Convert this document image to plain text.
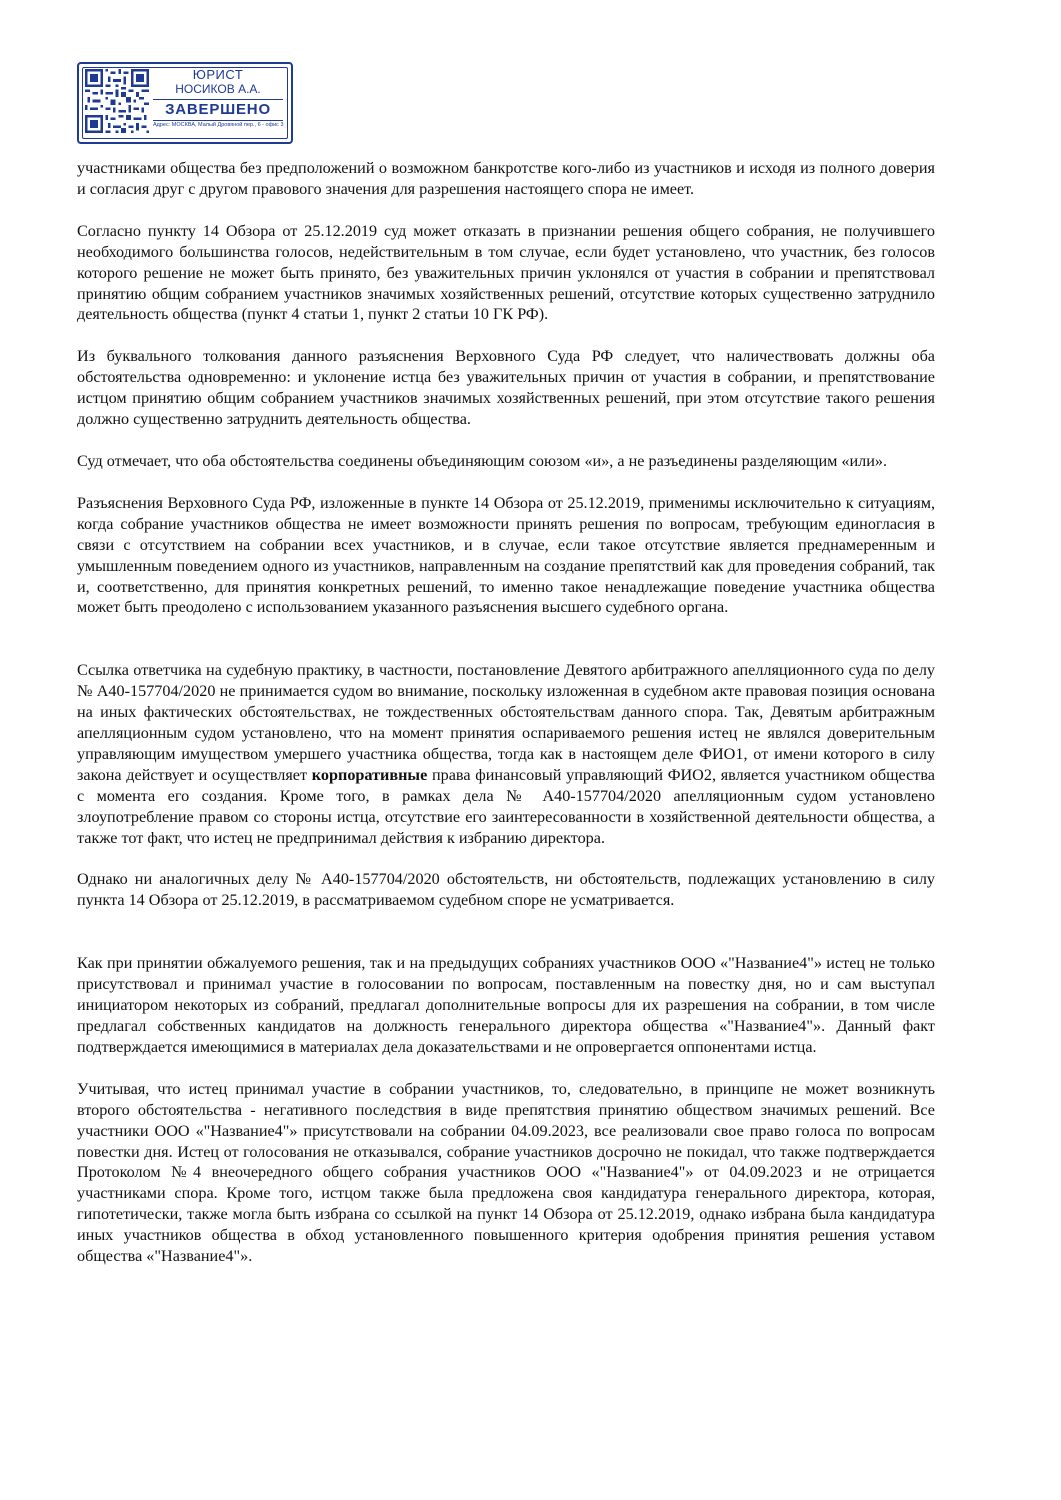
ЮРИСТ
НОСИКОВ А.А.
ЗАВЕРШЕНО
Адрес: МОСКВА, Малый Дровяной пер., 6 - офис 3

участниками общества без предположений о возможном банкротстве кого-либо из участников и исходя из полного доверия и согласия друг с другом правового значения для разрешения настоящего спора не имеет.

Согласно пункту 14 Обзора от 25.12.2019 суд может отказать в признании решения общего собрания, не получившего необходимого большинства голосов, недействительным в том случае, если будет установлено, что участник, без голосов которого решение не может быть принято, без уважительных причин уклонялся от участия в собрании и препятствовал принятию общим собранием участников значимых хозяйственных решений, отсутствие которых существенно затруднило деятельность общества (пункт 4 статьи 1, пункт 2 статьи 10 ГК РФ).

Из буквального толкования данного разъяснения Верховного Суда РФ следует, что наличествовать должны оба обстоятельства одновременно: и уклонение истца без уважительных причин от участия в собрании, и препятствование истцом принятию общим собранием участников значимых хозяйственных решений, при этом отсутствие такого решения должно существенно затруднить деятельность общества.

Суд отмечает, что оба обстоятельства соединены объединяющим союзом «и», а не разъединены разделяющим «или».

Разъяснения Верховного Суда РФ, изложенные в пункте 14 Обзора от 25.12.2019, применимы исключительно к ситуациям, когда собрание участников общества не имеет возможности принять решения по вопросам, требующим единогласия в связи с отсутствием на собрании всех участников, и в случае, если такое отсутствие является преднамеренным и умышленным поведением одного из участников, направленным на создание препятствий как для проведения собраний, так и, соответственно, для принятия конкретных решений, то именно такое ненадлежащие поведение участника общества может быть преодолено с использованием указанного разъяснения высшего судебного органа.

Ссылка ответчика на судебную практику, в частности, постановление Девятого арбитражного апелляционного суда по делу № А40-157704/2020 не принимается судом во внимание, поскольку изложенная в судебном акте правовая позиция основана на иных фактических обстоятельствах, не тождественных обстоятельствам данного спора. Так, Девятым арбитражным апелляционным судом установлено, что на момент принятия оспариваемого решения истец не являлся доверительным управляющим имуществом умершего участника общества, тогда как в настоящем деле ФИО1, от имени которого в силу закона действует и осуществляет корпоративные права финансовый управляющий ФИО2, является участником общества с момента его создания. Кроме того, в рамках дела № А40-157704/2020 апелляционным судом установлено злоупотребление правом со стороны истца, отсутствие его заинтересованности в хозяйственной деятельности общества, а также тот факт, что истец не предпринимал действия к избранию директора.

Однако ни аналогичных делу № А40-157704/2020 обстоятельств, ни обстоятельств, подлежащих установлению в силу пункта 14 Обзора от 25.12.2019, в рассматриваемом судебном споре не усматривается.

Как при принятии обжалуемого решения, так и на предыдущих собраниях участников ООО «"Название4"» истец не только присутствовал и принимал участие в голосовании по вопросам, поставленным на повестку дня, но и сам выступал инициатором некоторых из собраний, предлагал дополнительные вопросы для их разрешения на собрании, в том числе предлагал собственных кандидатов на должность генерального директора общества «"Название4"». Данный факт подтверждается имеющимися в материалах дела доказательствами и не опровергается оппонентами истца.

Учитывая, что истец принимал участие в собрании участников, то, следовательно, в принципе не может возникнуть второго обстоятельства - негативного последствия в виде препятствия принятию обществом значимых решений. Все участники ООО «"Название4"» присутствовали на собрании 04.09.2023, все реализовали свое право голоса по вопросам повестки дня. Истец от голосования не отказывался, собрание участников досрочно не покидал, что также подтверждается Протоколом №4 внеочередного общего собрания участников ООО «"Название4"» от 04.09.2023 и не отрицается участниками спора. Кроме того, истцом также была предложена своя кандидатура генерального директора, которая, гипотетически, также могла быть избрана со ссылкой на пункт 14 Обзора от 25.12.2019, однако избрана была кандидатура иных участников общества в обход установленного повышенного критерия одобрения принятия решения уставом общества «"Название4"».
